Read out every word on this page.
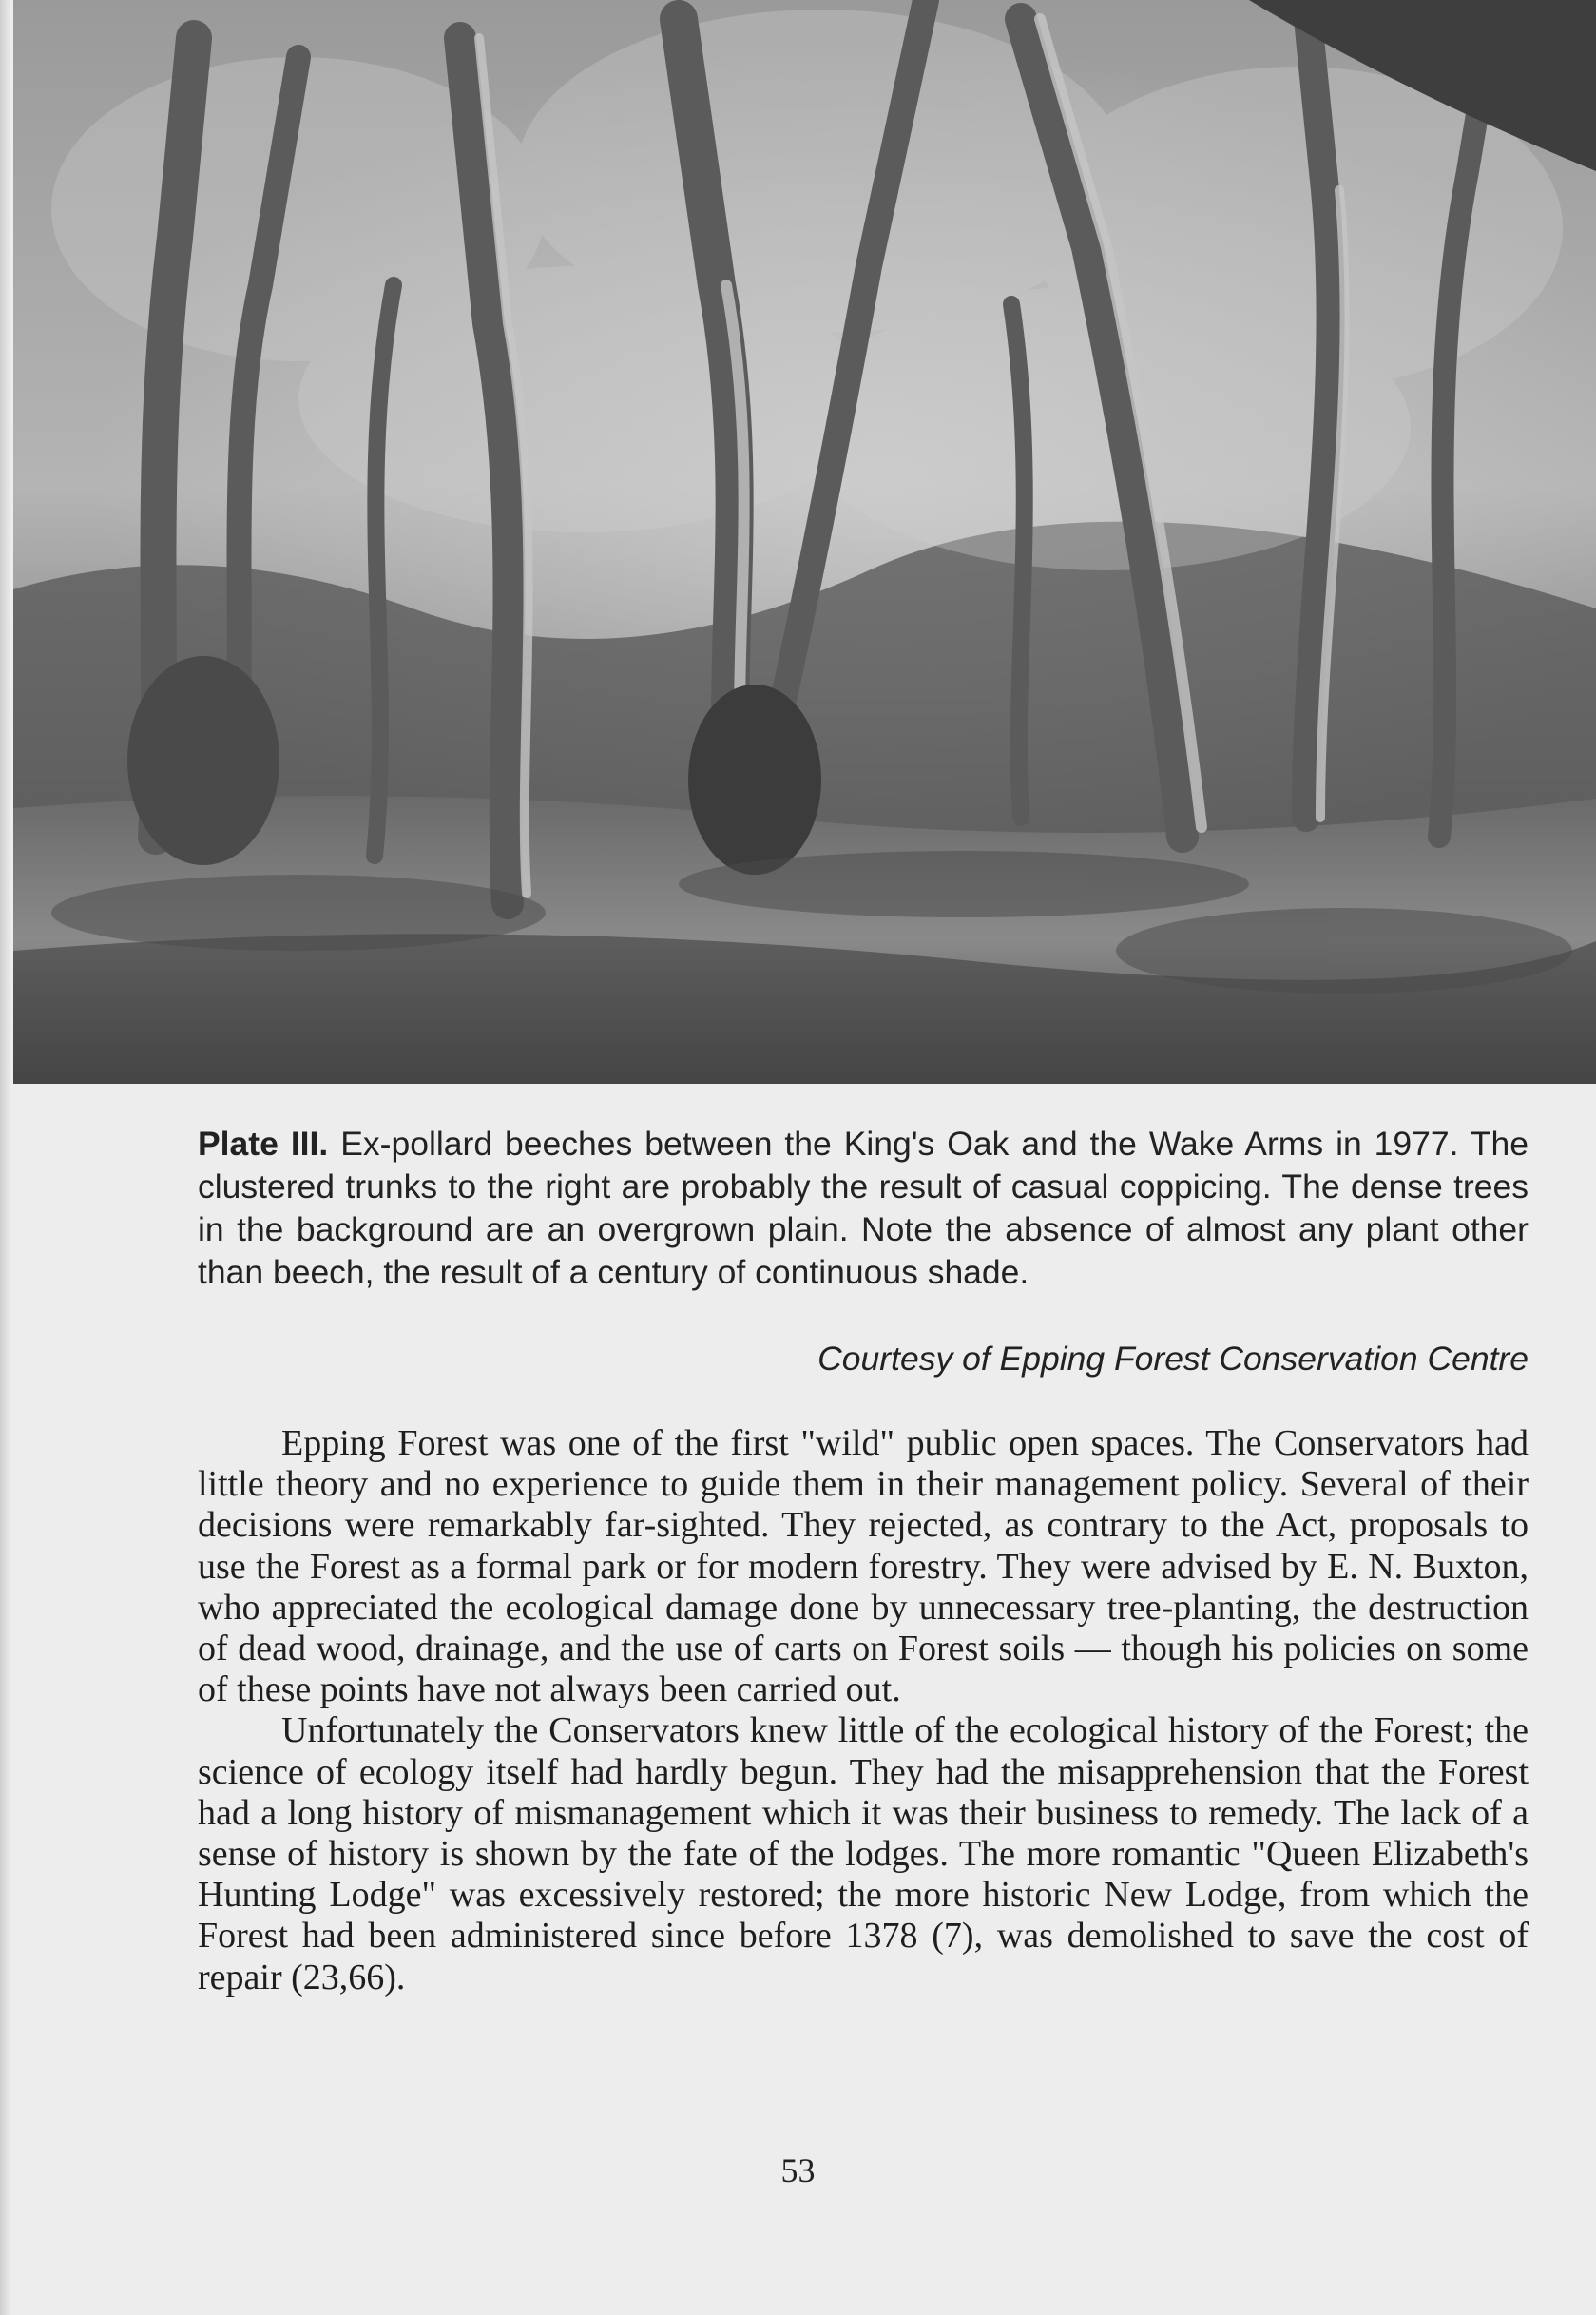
Plate III. Ex-pollard beeches between the King's Oak and the Wake Arms in 1977. The clustered trunks to the right are probably the result of casual coppicing. The dense trees in the background are an overgrown plain. Note the absence of almost any plant other than beech, the result of a century of continuous shade.
Courtesy of Epping Forest Conservation Centre

Epping Forest was one of the first "wild" public open spaces. The Conservators had little theory and no experience to guide them in their management policy. Several of their decisions were remarkably far-sighted. They rejected, as contrary to the Act, proposals to use the Forest as a formal park or for modern forestry. They were advised by E. N. Buxton, who appreciated the ecological damage done by unnecessary tree-planting, the destruction of dead wood, drainage, and the use of carts on Forest soils — though his policies on some of these points have not always been carried out.

Unfortunately the Conservators knew little of the ecological history of the Forest; the science of ecology itself had hardly begun. They had the misapprehension that the Forest had a long history of mismanagement which it was their business to remedy. The lack of a sense of history is shown by the fate of the lodges. The more romantic "Queen Elizabeth's Hunting Lodge" was excessively restored; the more historic New Lodge, from which the Forest had been administered since before 1378 (7), was demolished to save the cost of repair (23,66).

53
